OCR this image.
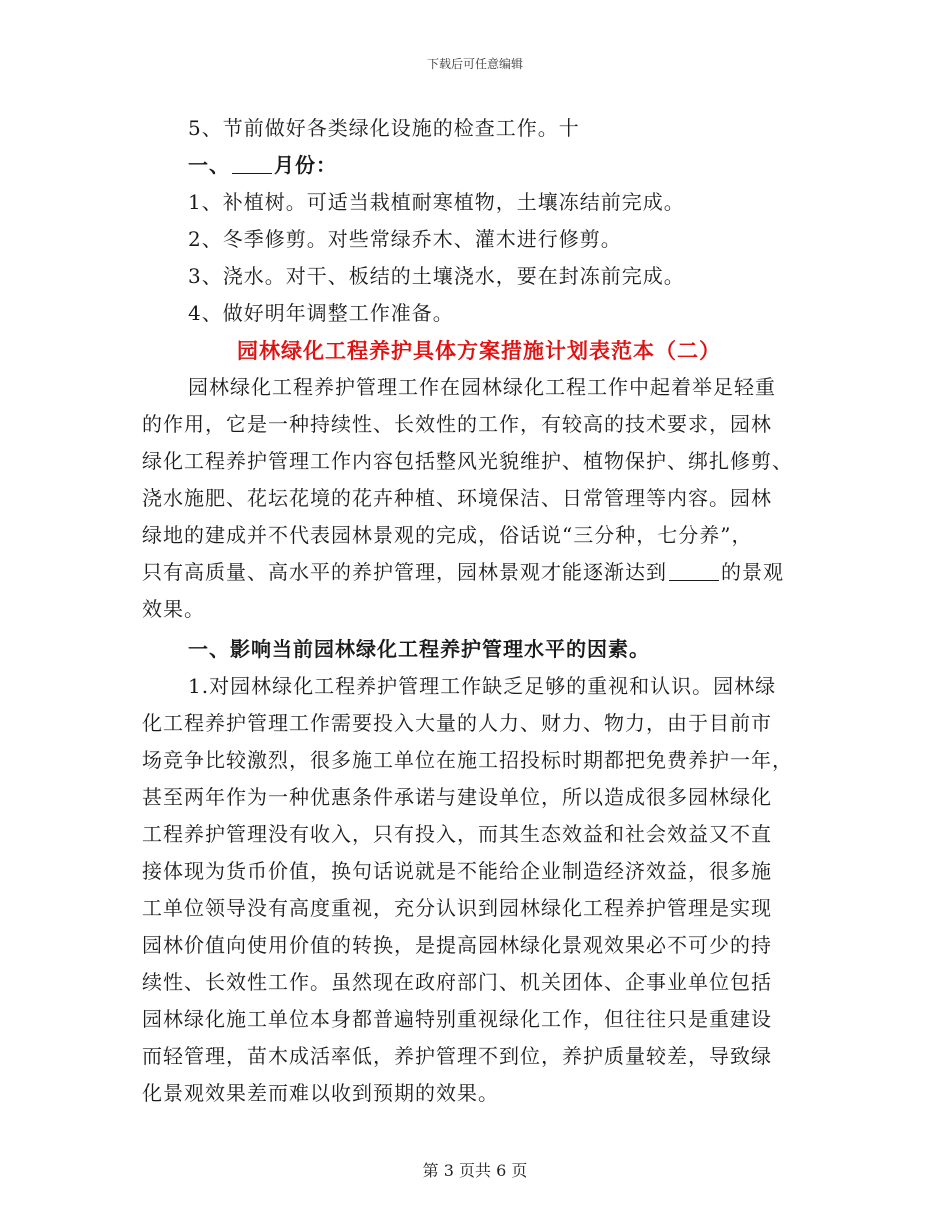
下载后可任意编辑
5、节前做好各类绿化设施的检查工作。十
一、 月份：
1、补植树。可适当栽植耐寒植物，土壤冻结前完成。
2、冬季修剪。对些常绿乔木、灌木进行修剪。
3、浇水。对干、板结的土壤浇水，要在封冻前完成。
4、做好明年调整工作准备。
园林绿化工程养护具体方案措施计划表范本（二）
园林绿化工程养护管理工作在园林绿化工程工作中起着举足轻重
的作用，它是一种持续性、长效性的工作，有较高的技术要求，园林
绿化工程养护管理工作内容包括整风光貌维护、植物保护、绑扎修剪、
浇水施肥、花坛花境的花卉种植、环境保洁、日常管理等内容。园林
绿地的建成并不代表园林景观的完成，俗话说“三分种，七分养”，
只有高质量、高水平的养护管理，园林景观才能逐渐达到	的景观
效果。
一、影响当前园林绿化工程养护管理水平的因素。
1.对园林绿化工程养护管理工作缺乏足够的重视和认识。园林绿
化工程养护管理工作需要投入大量的人力、财力、物力，由于目前市
场竞争比较激烈，很多施工单位在施工招投标时期都把免费养护一年，
甚至两年作为一种优惠条件承诺与建设单位，所以造成很多园林绿化
工程养护管理没有收入，只有投入，而其生态效益和社会效益又不直
接体现为货币价值，换句话说就是不能给企业制造经济效益，很多施
工单位领导没有高度重视，充分认识到园林绿化工程养护管理是实现
园林价值向使用价值的转换，是提高园林绿化景观效果必不可少的持
续性、长效性工作。虽然现在政府部门、机关团体、企事业单位包括
园林绿化施工单位本身都普遍特别重视绿化工作，但往往只是重建设
而轻管理，苗木成活率低，养护管理不到位，养护质量较差，导致绿
化景观效果差而难以收到预期的效果。
第 3 页共 6 页
